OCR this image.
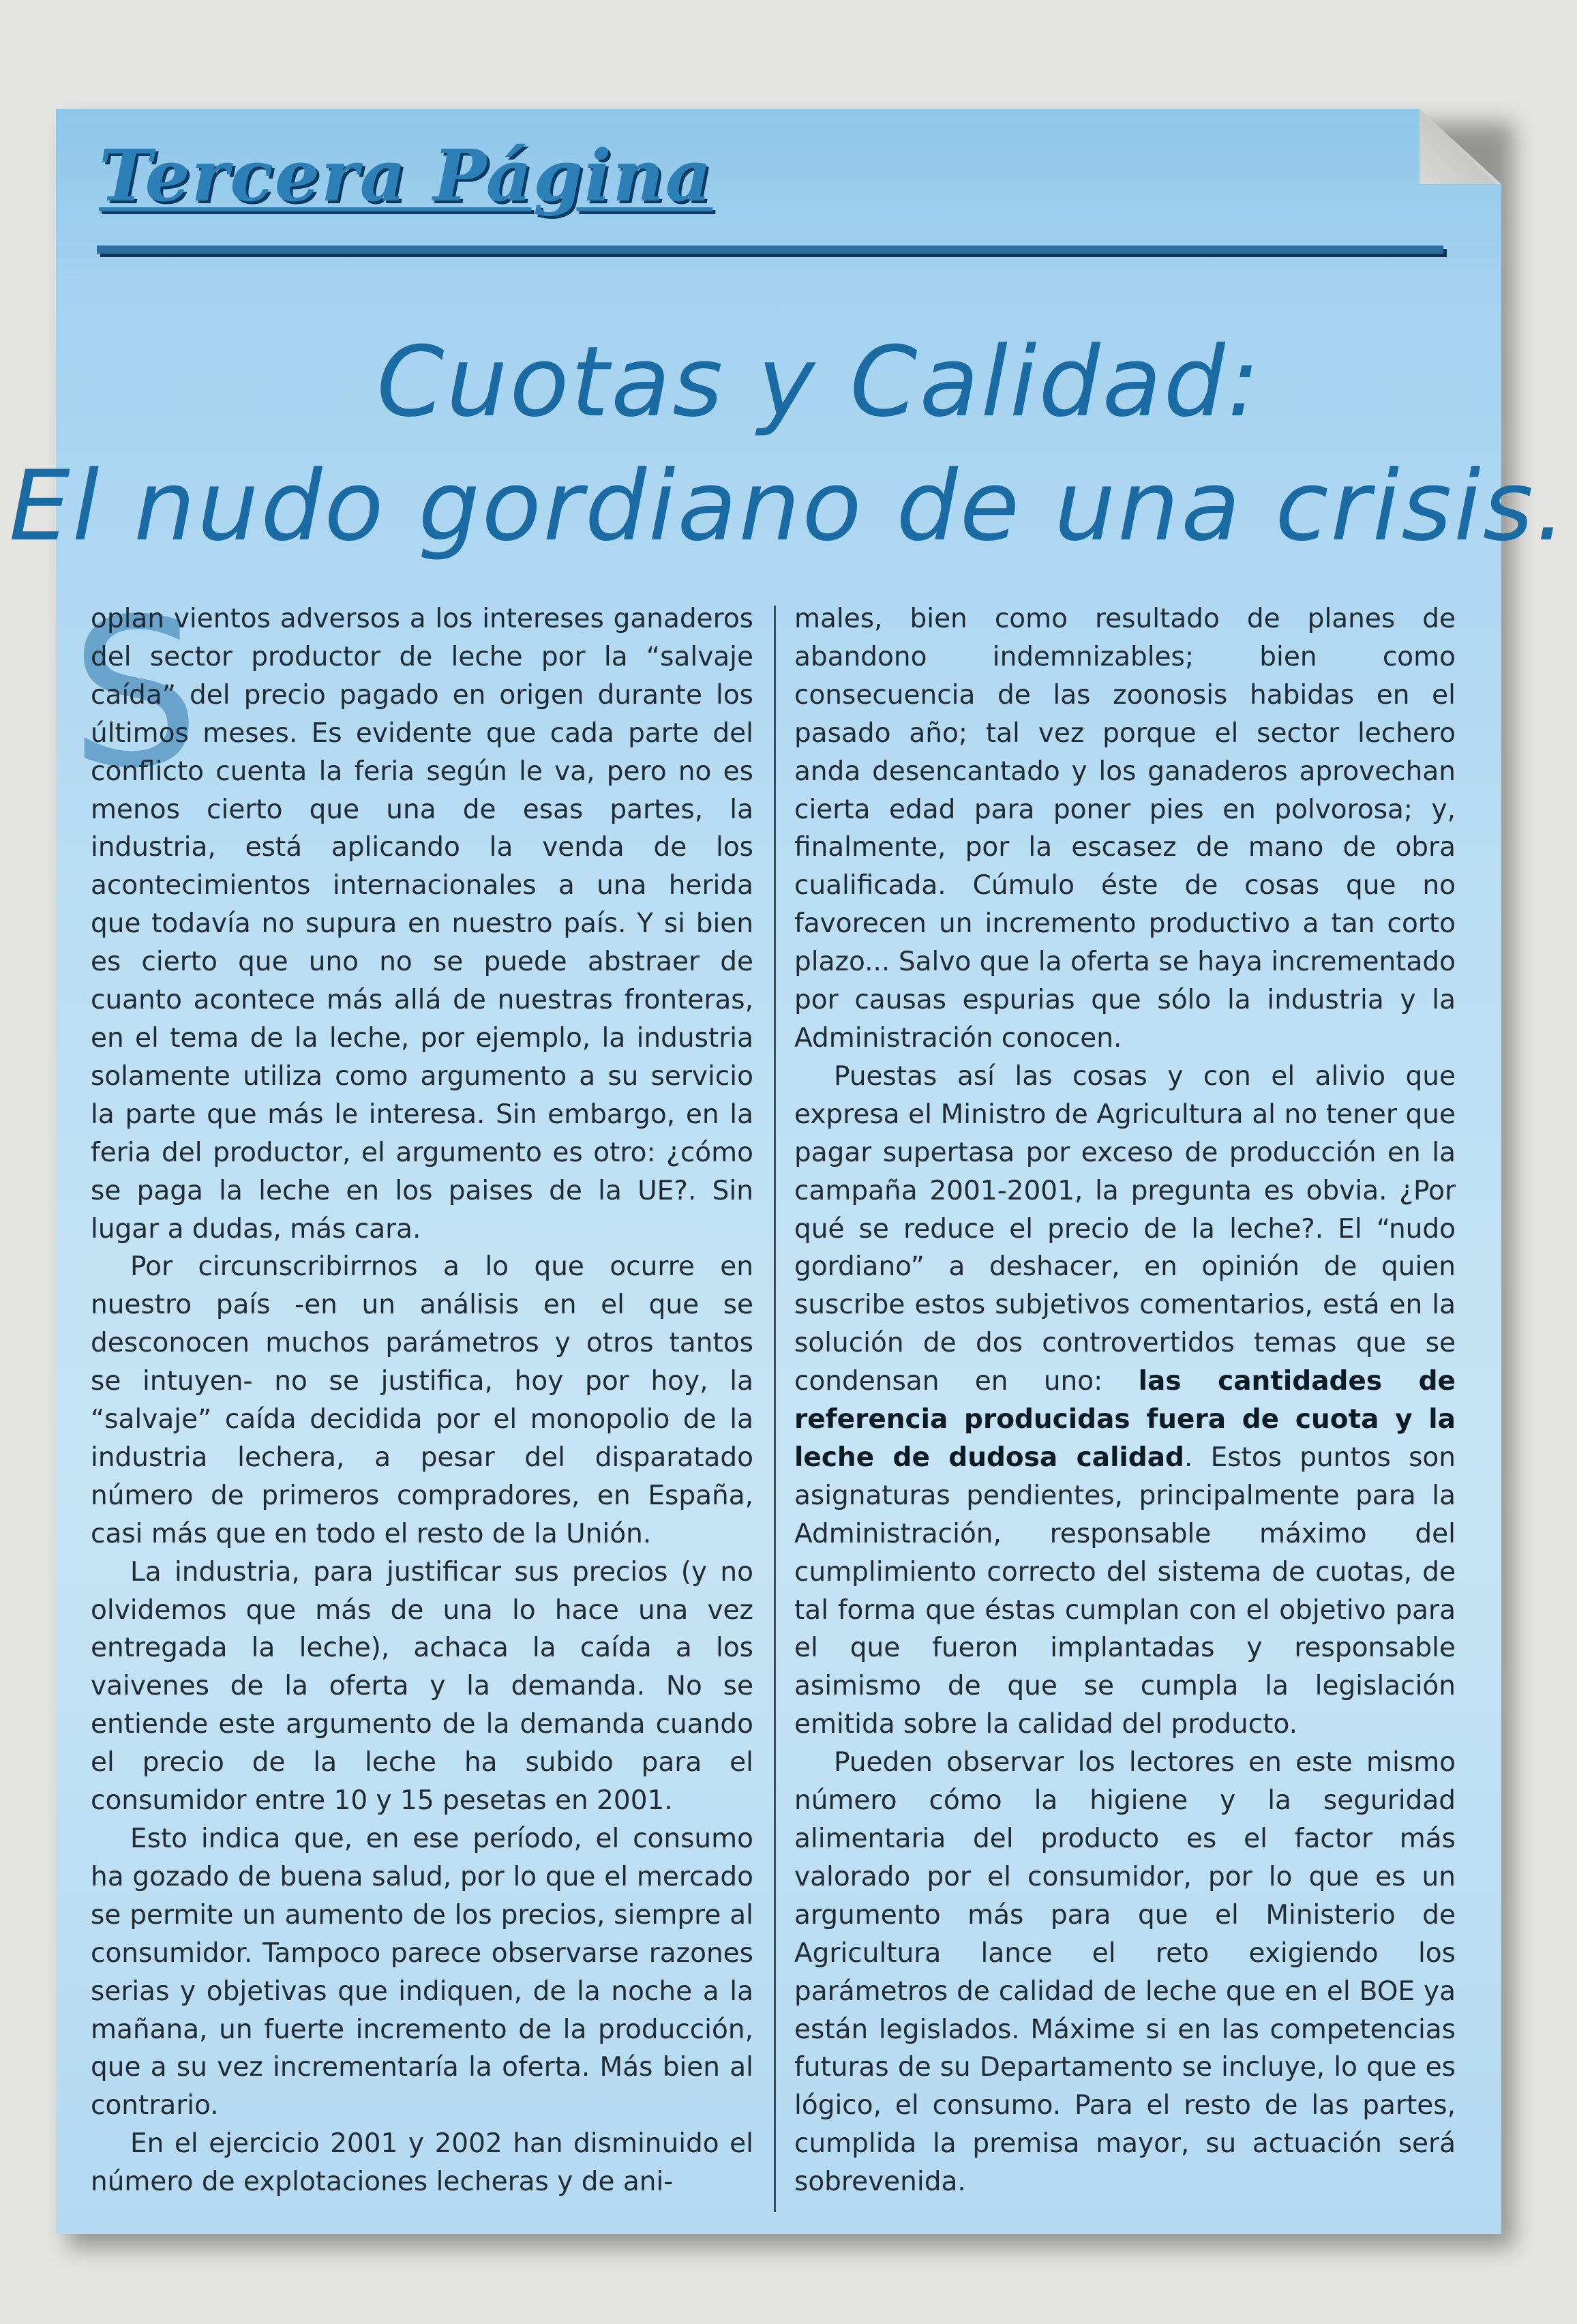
Tercera Página
Cuotas y Calidad:
El nudo gordiano de una crisis.
S

oplan vientos adversos a los intereses ganaderos del sector productor de leche por la “salvaje caída” del precio pagado en origen durante los últimos meses. Es evidente que cada parte del conflicto cuenta la feria según le va, pero no es menos cierto que una de esas partes, la industria, está aplicando la venda de los acontecimientos internacionales a una herida que todavía no supura en nuestro país. Y si bien es cierto que uno no se puede abstraer de cuanto acontece más allá de nuestras fronteras, en el tema de la leche, por ejemplo, la industria solamente utiliza como argumento a su servicio la parte que más le interesa. Sin embargo, en la feria del productor, el argumento es otro: ¿cómo se paga la leche en los paises de la UE?. Sin lugar a dudas, más cara.

Por circunscribirrnos a lo que ocurre en nuestro país -en un análisis en el que se desconocen muchos parámetros y otros tantos se intuyen- no se justifica, hoy por hoy, la “salvaje” caída decidida por el monopolio de la industria lechera, a pesar del disparatado número de primeros compradores, en España, casi más que en todo el resto de la Unión.

La industria, para justificar sus precios (y no olvidemos que más de una lo hace una vez entregada la leche), achaca la caída a los vaivenes de la oferta y la demanda. No se entiende este argumento de la demanda cuando el precio de la leche ha subido para el consumidor entre 10 y 15 pesetas en 2001.

Esto indica que, en ese período, el consumo ha gozado de buena salud, por lo que el mercado se permite un aumento de los precios, siempre al consumidor. Tampoco parece observarse razones serias y objetivas que indiquen, de la noche a la mañana, un fuerte incremento de la producción, que a su vez incrementaría la oferta. Más bien al contrario.

En el ejercicio 2001 y 2002 han disminuido el número de explotaciones lecheras y de ani-

males, bien como resultado de planes de abandono indemnizables; bien como consecuencia de las zoonosis habidas en el pasado año; tal vez porque el sector lechero anda desencantado y los ganaderos aprovechan cierta edad para poner pies en polvorosa; y, finalmente, por la escasez de mano de obra cualificada. Cúmulo éste de cosas que no favorecen un incremento productivo a tan corto plazo... Salvo que la oferta se haya incrementado por causas espurias que sólo la industria y la Administración conocen.

Puestas así las cosas y con el alivio que expresa el Ministro de Agricultura al no tener que pagar supertasa por exceso de producción en la campaña 2001-2001, la pregunta es obvia. ¿Por qué se reduce el precio de la leche?. El “nudo gordiano” a deshacer, en opinión de quien suscribe estos subjetivos comentarios, está en la solución de dos controvertidos temas que se condensan en uno: las cantidades de referencia producidas fuera de cuota y la leche de dudosa calidad. Estos puntos son asignaturas pendientes, principalmente para la Administración, responsable máximo del cumplimiento correcto del sistema de cuotas, de tal forma que éstas cumplan con el objetivo para el que fueron implantadas y responsable asimismo de que se cumpla la legislación emitida sobre la calidad del producto.

Pueden observar los lectores en este mismo número cómo la higiene y la seguridad alimentaria del producto es el factor más valorado por el consumidor, por lo que es un argumento más para que el Ministerio de Agricultura lance el reto exigiendo los parámetros de calidad de leche que en el BOE ya están legislados. Máxime si en las competencias futuras de su Departamento se incluye, lo que es lógico, el consumo. Para el resto de las partes, cumplida la premisa mayor, su actuación será sobrevenida.
